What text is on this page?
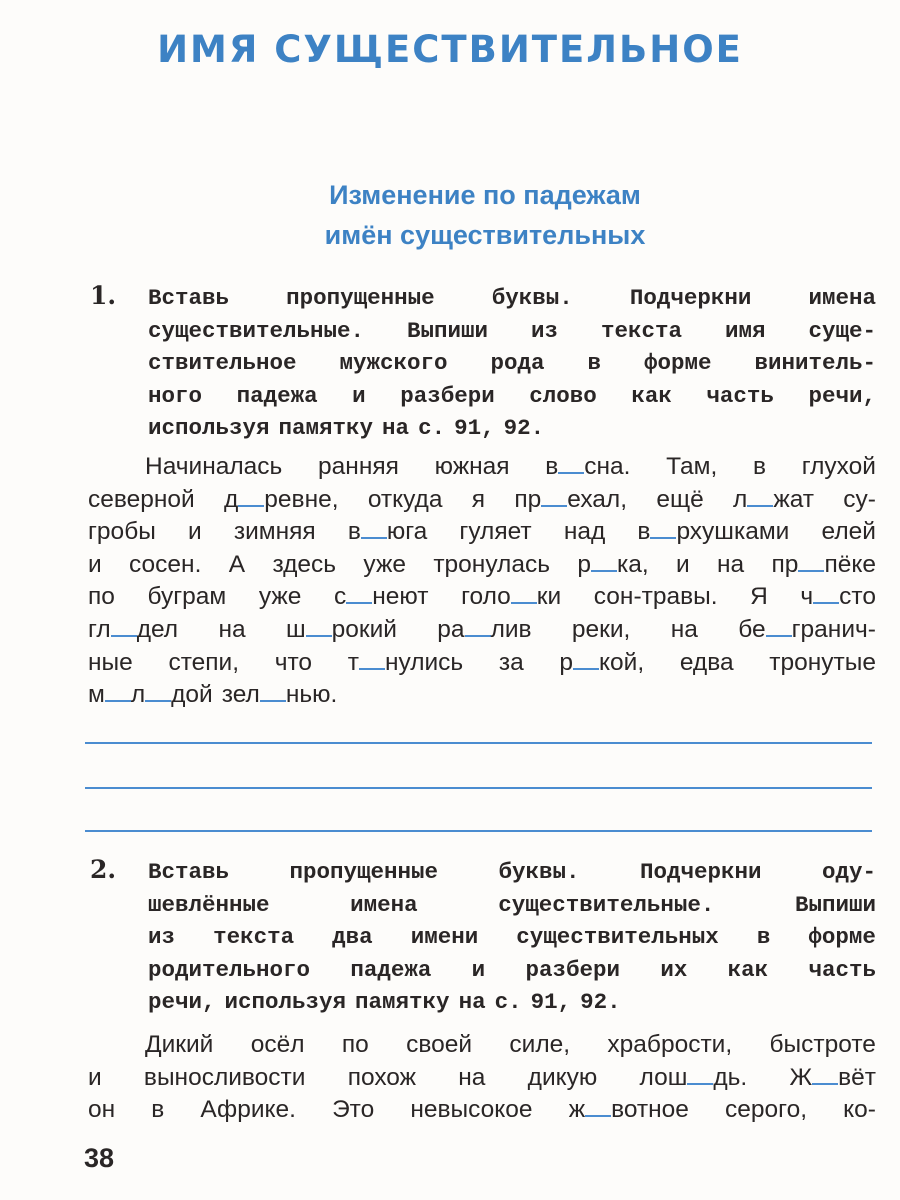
ИМЯ СУЩЕСТВИТЕЛЬНОЕ
Изменение по падежам
имён существительных
1. Вставь	пропущенные	буквы.	Подчеркни	имена
существительные. Выпиши из текста имя суще-
ствительное мужского рода в форме винитель-
ного падежа и разбери слово как часть речи,
используя памятку на с. 91, 92.
Начиналась ранняя южная в сна. Там, в глухой
северной д ревне, откуда я пр ехал, ещё л жат су-
гробы и зимняя в юга гуляет над в рхушками елей
и сосен. А здесь уже тронулась р ка, и на пр пёке
по буграм уже с неют голо ки сон-травы. Я ч сто
гл дел на ш рокий ра лив реки, на бе гранич-
ные степи, что т нулись за р кой, едва тронутые
м л дой зел нью.
2. Вставь	пропущенные	буквы.	Подчеркни	оду-
шевлённые	имена	существительные.	Выпиши
из текста два имени существительных в форме
родительного падежа и разбери их как часть
речи, используя памятку на с. 91, 92.
Дикий осёл по своей силе, храбрости, быстроте
и выносливости похож на дикую лош дь. Ж вёт
он в Африке. Это невысокое ж вотное серого, ко-
38
